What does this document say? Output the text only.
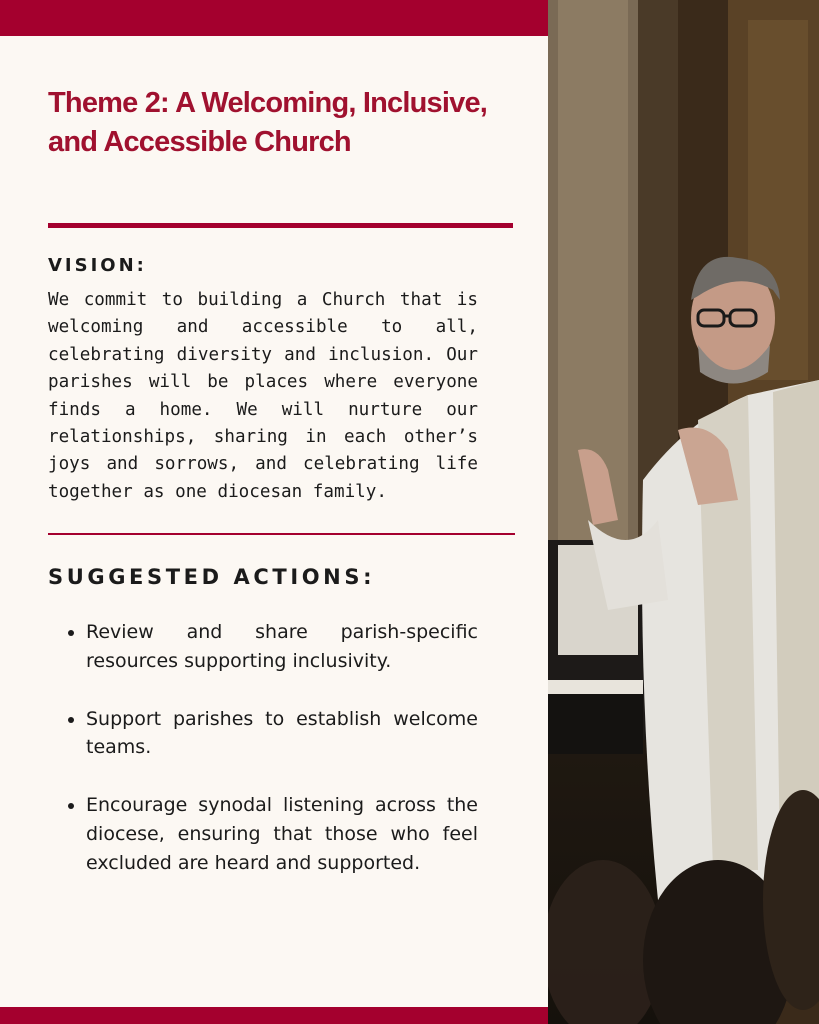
Theme 2: A Welcoming, Inclusive, and Accessible Church
VISION:

We commit to building a Church that is welcoming and accessible to all, celebrating diversity and inclusion. Our parishes will be places where everyone finds a home. We will nurture our relationships, sharing in each other’s joys and sorrows, and celebrating life together as one diocesan family.

SUGGESTED ACTIONS:
Review and share parish-specific resources supporting inclusivity.
Support parishes to establish welcome teams.
Encourage synodal listening across the diocese, ensuring that those who feel excluded are heard and supported.
